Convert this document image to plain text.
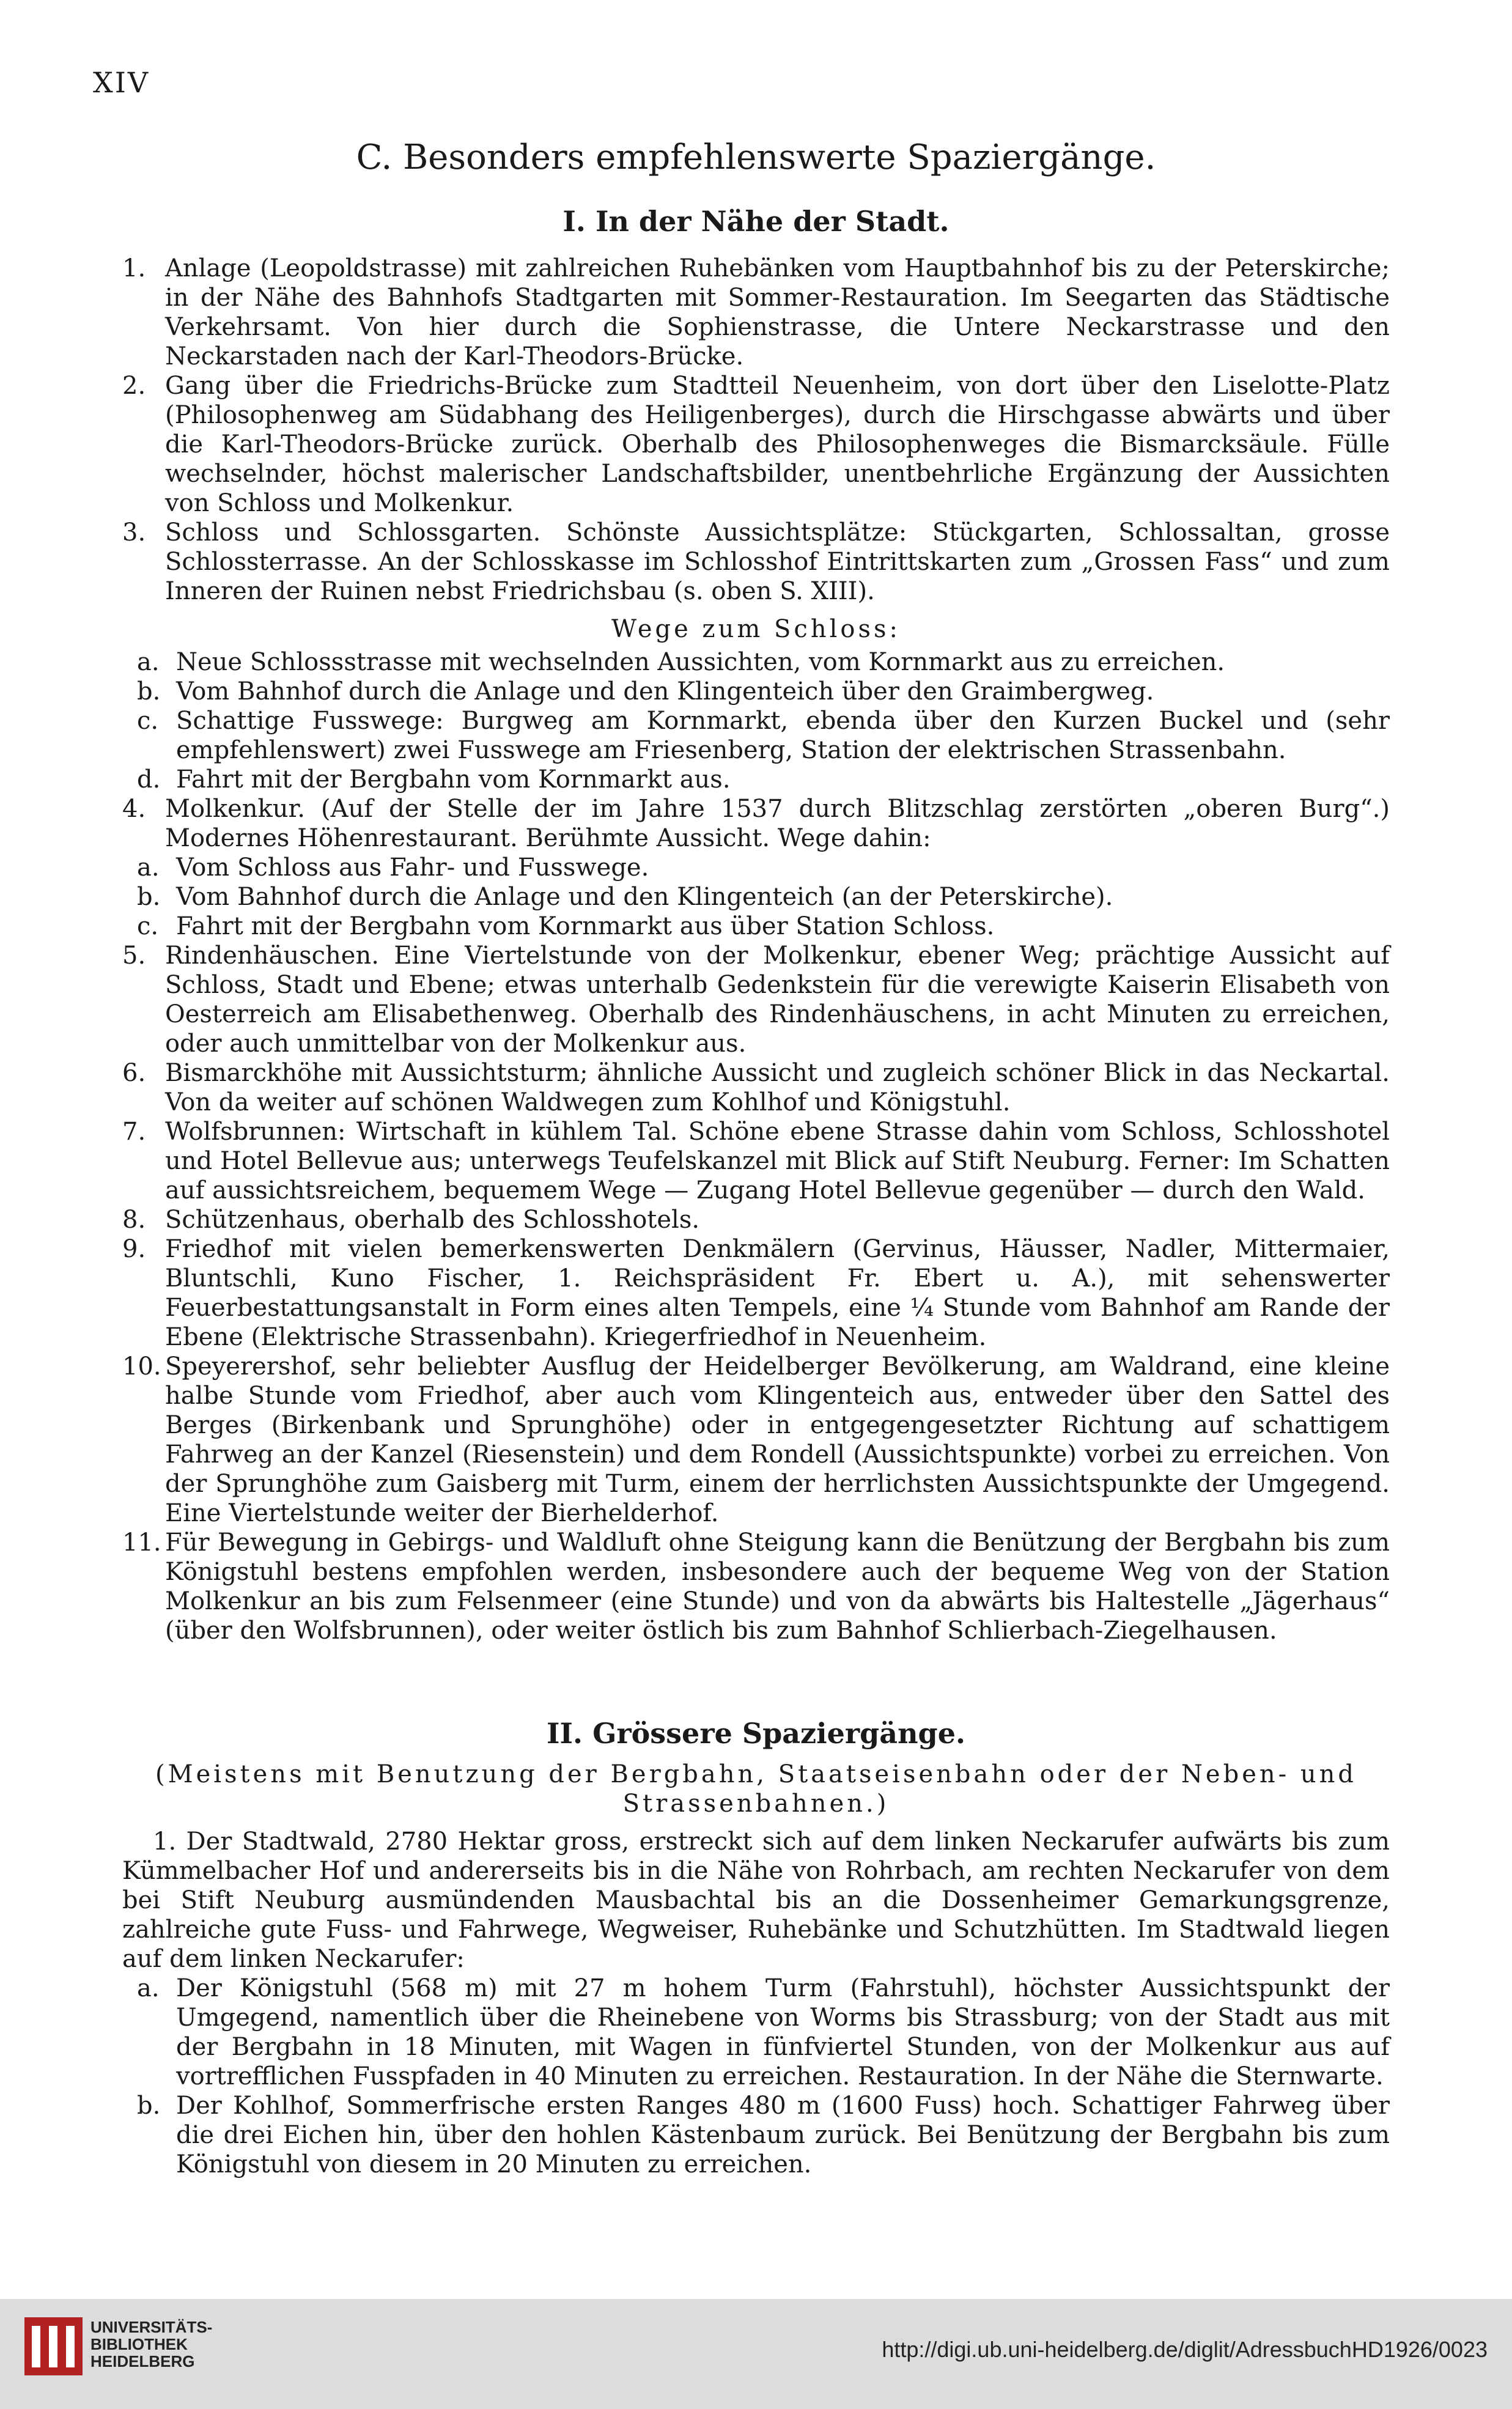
XIV
C. Besonders empfehlenswerte Spaziergänge.
I. In der Nähe der Stadt.
1. Anlage (Leopoldstrasse) mit zahlreichen Ruhebänken vom Hauptbahnhof bis zu der Peterskirche; in der Nähe des Bahnhofs Stadtgarten mit Sommer-Restauration. Im Seegarten das Städtische Verkehrsamt. Von hier durch die Sophienstrasse, die Untere Neckarstrasse und den Neckarstaden nach der Karl-Theodors-Brücke.
2. Gang über die Friedrichs-Brücke zum Stadtteil Neuenheim, von dort über den Liselotte-Platz (Philosophenweg am Südabhang des Heiligenberges), durch die Hirschgasse abwärts und über die Karl-Theodors-Brücke zurück. Oberhalb des Philosophenweges die Bismarcksäule. Fülle wechselnder, höchst malerischer Landschaftsbilder, unentbehrliche Ergänzung der Aussichten von Schloss und Molkenkur.
3. Schloss und Schlossgarten. Schönste Aussichtsplätze: Stückgarten, Schlossaltan, grosse Schlossterrasse. An der Schlosskasse im Schlosshof Eintrittskarten zum „Grossen Fass“ und zum Inneren der Ruinen nebst Friedrichsbau (s. oben S. XIII).
Wege zum Schloss:
a. Neue Schlossstrasse mit wechselnden Aussichten, vom Kornmarkt aus zu erreichen.
b. Vom Bahnhof durch die Anlage und den Klingenteich über den Graimbergweg.
c. Schattige Fusswege: Burgweg am Kornmarkt, ebenda über den Kurzen Buckel und (sehr empfehlenswert) zwei Fusswege am Friesenberg, Station der elektrischen Strassenbahn.
d. Fahrt mit der Bergbahn vom Kornmarkt aus.
4. Molkenkur. (Auf der Stelle der im Jahre 1537 durch Blitzschlag zerstörten „oberen Burg“.) Modernes Höhenrestaurant. Berühmte Aussicht. Wege dahin:
a. Vom Schloss aus Fahr- und Fusswege.
b. Vom Bahnhof durch die Anlage und den Klingenteich (an der Peterskirche).
c. Fahrt mit der Bergbahn vom Kornmarkt aus über Station Schloss.
5. Rindenhäuschen. Eine Viertelstunde von der Molkenkur, ebener Weg; prächtige Aussicht auf Schloss, Stadt und Ebene; etwas unterhalb Gedenkstein für die verewigte Kaiserin Elisabeth von Oesterreich am Elisabethenweg. Oberhalb des Rindenhäuschens, in acht Minuten zu erreichen, oder auch unmittelbar von der Molkenkur aus.
6. Bismarckhöhe mit Aussichtsturm; ähnliche Aussicht und zugleich schöner Blick in das Neckartal. Von da weiter auf schönen Waldwegen zum Kohlhof und Königstuhl.
7. Wolfsbrunnen: Wirtschaft in kühlem Tal. Schöne ebene Strasse dahin vom Schloss, Schlosshotel und Hotel Bellevue aus; unterwegs Teufelskanzel mit Blick auf Stift Neuburg. Ferner: Im Schatten auf aussichtsreichem, bequemem Wege — Zugang Hotel Bellevue gegenüber — durch den Wald.
8. Schützenhaus, oberhalb des Schlosshotels.
9. Friedhof mit vielen bemerkenswerten Denkmälern (Gervinus, Häusser, Nadler, Mittermaier, Bluntschli, Kuno Fischer, 1. Reichspräsident Fr. Ebert u. A.), mit sehenswerter Feuerbestattungsanstalt in Form eines alten Tempels, eine ¼ Stunde vom Bahnhof am Rande der Ebene (Elektrische Strassenbahn). Kriegerfriedhof in Neuenheim.
10. Speyerershof, sehr beliebter Ausflug der Heidelberger Bevölkerung, am Waldrand, eine kleine halbe Stunde vom Friedhof, aber auch vom Klingenteich aus, entweder über den Sattel des Berges (Birkenbank und Sprunghöhe) oder in entgegengesetzter Richtung auf schattigem Fahrweg an der Kanzel (Riesenstein) und dem Rondell (Aussichtspunkte) vorbei zu erreichen. Von der Sprunghöhe zum Gaisberg mit Turm, einem der herrlichsten Aussichtspunkte der Umgegend. Eine Viertelstunde weiter der Bierhelderhof.
11. Für Bewegung in Gebirgs- und Waldluft ohne Steigung kann die Benützung der Bergbahn bis zum Königstuhl bestens empfohlen werden, insbesondere auch der bequeme Weg von der Station Molkenkur an bis zum Felsenmeer (eine Stunde) und von da abwärts bis Haltestelle „Jägerhaus“ (über den Wolfsbrunnen), oder weiter östlich bis zum Bahnhof Schlierbach-Ziegelhausen.
II. Grössere Spaziergänge.
(Meistens mit Benutzung der Bergbahn, Staatseisenbahn oder der Neben- und Strassenbahnen.)
1. Der Stadtwald, 2780 Hektar gross, erstreckt sich auf dem linken Neckarufer aufwärts bis zum Kümmelbacher Hof und andererseits bis in die Nähe von Rohrbach, am rechten Neckarufer von dem bei Stift Neuburg ausmündenden Mausbachtal bis an die Dossenheimer Gemarkungsgrenze, zahlreiche gute Fuss- und Fahrwege, Wegweiser, Ruhebänke und Schutzhütten. Im Stadtwald liegen auf dem linken Neckarufer:
a. Der Königstuhl (568 m) mit 27 m hohem Turm (Fahrstuhl), höchster Aussichtspunkt der Umgegend, namentlich über die Rheinebene von Worms bis Strassburg; von der Stadt aus mit der Bergbahn in 18 Minuten, mit Wagen in fünfviertel Stunden, von der Molkenkur aus auf vortrefflichen Fusspfaden in 40 Minuten zu erreichen. Restauration. In der Nähe die Sternwarte.
b. Der Kohlhof, Sommerfrische ersten Ranges 480 m (1600 Fuss) hoch. Schattiger Fahrweg über die drei Eichen hin, über den hohlen Kästenbaum zurück. Bei Benützung der Bergbahn bis zum Königstuhl von diesem in 20 Minuten zu erreichen.
UNIVERSITÄTS-
BIBLIOTHEK
HEIDELBERG	http://digi.ub.uni-heidelberg.de/diglit/AdressbuchHD1926/0023
